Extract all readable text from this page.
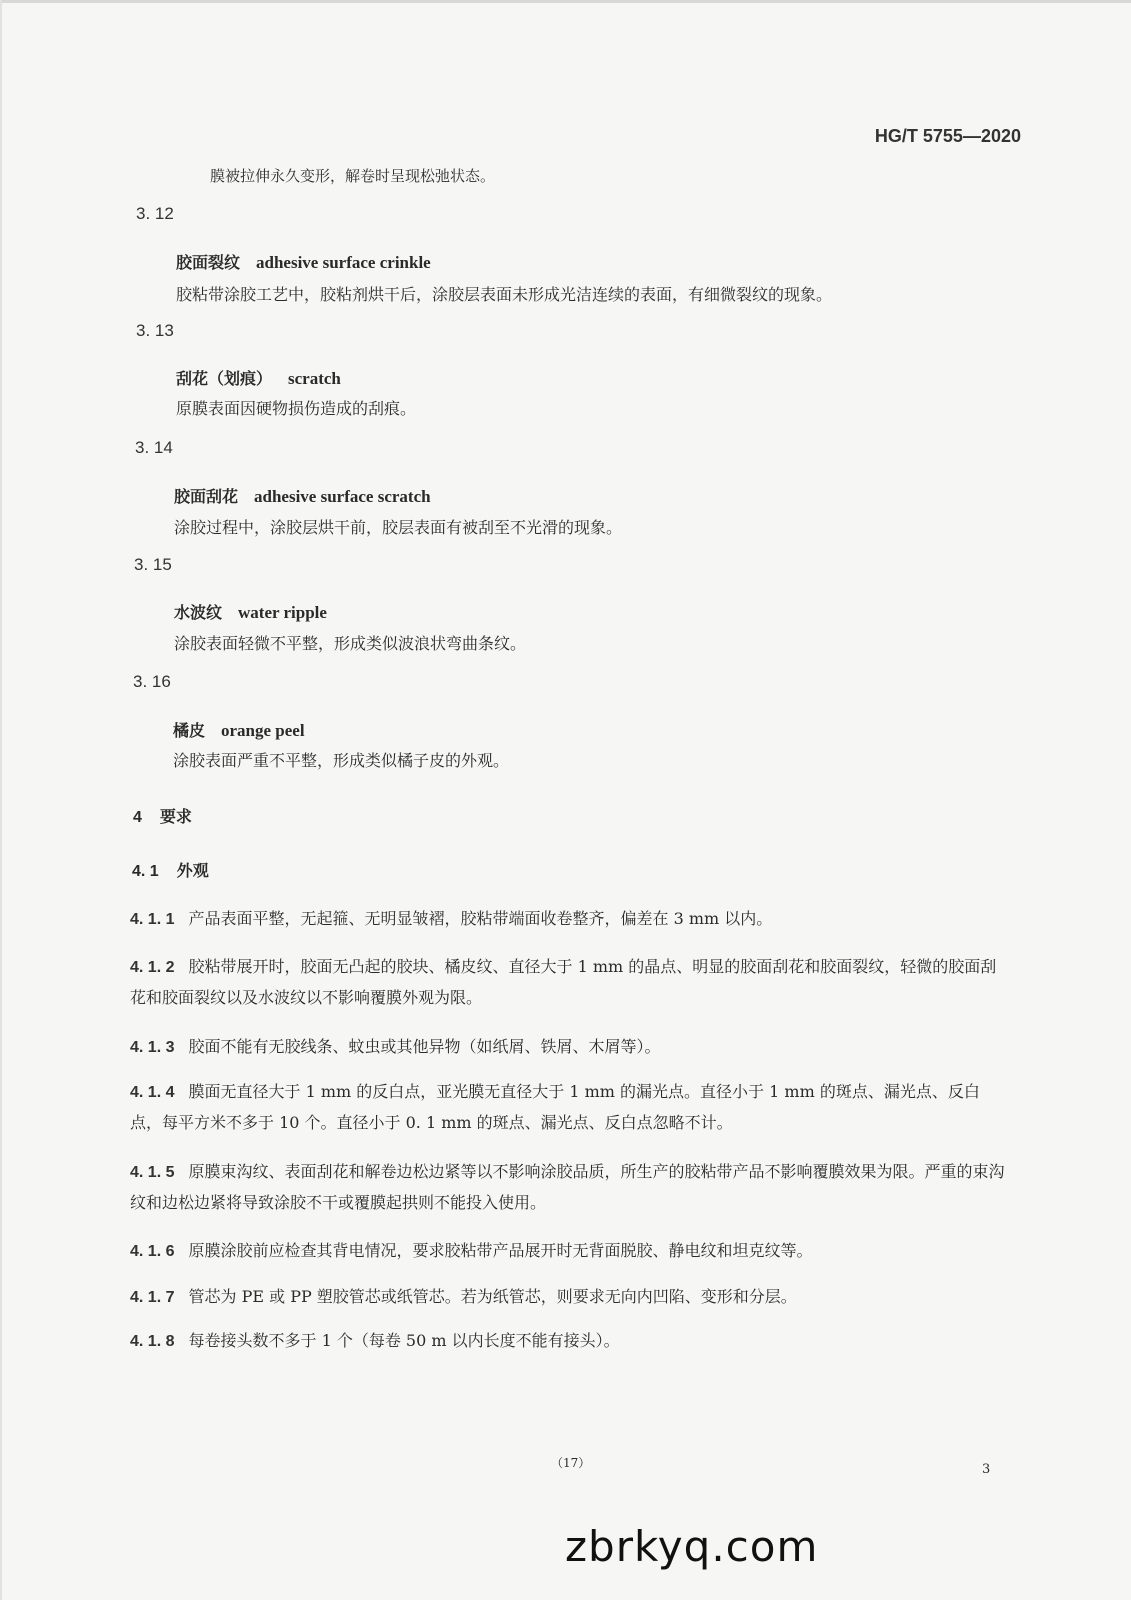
HG/T 5755—2020
膜被拉伸永久变形，解卷时呈现松弛状态。
3. 12
胶面裂纹 adhesive surface crinkle
胶粘带涂胶工艺中，胶粘剂烘干后，涂胶层表面未形成光洁连续的表面，有细微裂纹的现象。
3. 13
刮花（划痕） scratch
原膜表面因硬物损伤造成的刮痕。
3. 14
胶面刮花 adhesive surface scratch
涂胶过程中，涂胶层烘干前，胶层表面有被刮至不光滑的现象。
3. 15
水波纹 water ripple
涂胶表面轻微不平整，形成类似波浪状弯曲条纹。
3. 16
橘皮 orange peel
涂胶表面严重不平整，形成类似橘子皮的外观。
4 要求
4. 1 外观
4. 1. 1 产品表面平整，无起箍、无明显皱褶，胶粘带端面收卷整齐，偏差在 3 mm 以内。
4. 1. 2 胶粘带展开时，胶面无凸起的胶块、橘皮纹、直径大于 1 mm 的晶点、明显的胶面刮花和胶面裂纹，轻微的胶面刮花和胶面裂纹以及水波纹以不影响覆膜外观为限。
4. 1. 3 胶面不能有无胶线条、蚊虫或其他异物（如纸屑、铁屑、木屑等）。
4. 1. 4 膜面无直径大于 1 mm 的反白点，亚光膜无直径大于 1 mm 的漏光点。直径小于 1 mm 的斑点、漏光点、反白点，每平方米不多于 10 个。直径小于 0. 1 mm 的斑点、漏光点、反白点忽略不计。
4. 1. 5 原膜束沟纹、表面刮花和解卷边松边紧等以不影响涂胶品质，所生产的胶粘带产品不影响覆膜效果为限。严重的束沟纹和边松边紧将导致涂胶不干或覆膜起拱则不能投入使用。
4. 1. 6 原膜涂胶前应检查其背电情况，要求胶粘带产品展开时无背面脱胶、静电纹和坦克纹等。
4. 1. 7 管芯为 PE 或 PP 塑胶管芯或纸管芯。若为纸管芯，则要求无向内凹陷、变形和分层。
4. 1. 8 每卷接头数不多于 1 个（每卷 50 m 以内长度不能有接头）。
（17）	3
zbrkyq.com
